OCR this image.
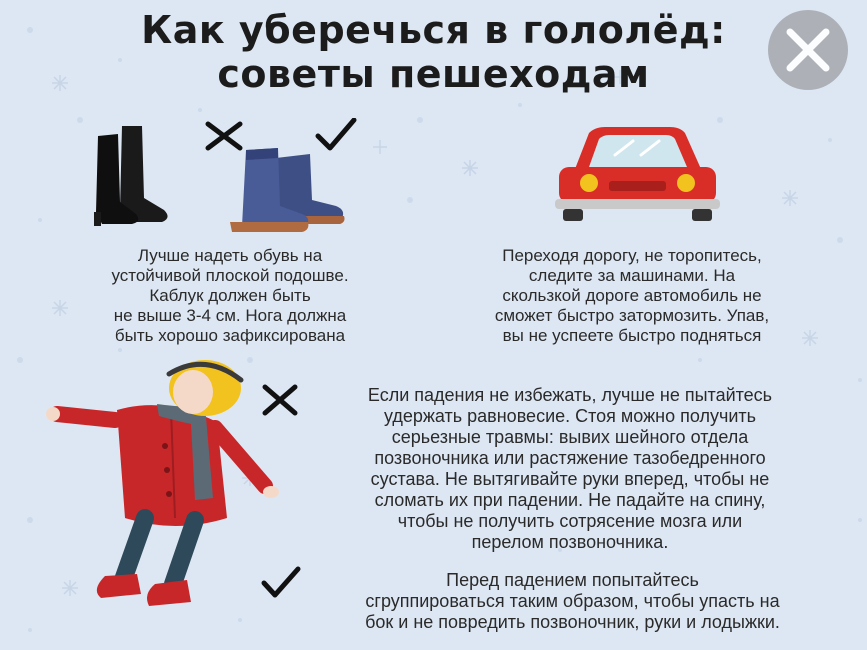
Как уберечься в гололёд:
советы пешеходам
Лучше надеть обувь на
устойчивой плоской подошве.
Каблук должен быть
не выше 3-4 см. Нога должна
быть хорошо зафиксирована
Переходя дорогу, не торопитесь,
следите за машинами. На
скользкой дороге автомобиль не
сможет быстро затормозить. Упав,
вы не успеете быстро подняться
Если падения не избежать, лучше не пытайтесь
удержать равновесие. Стоя можно получить
серьезные травмы: вывих шейного отдела
позвоночника или растяжение тазобедренного
сустава. Не вытягивайте руки вперед, чтобы не
сломать их при падении. Не падайте на спину,
чтобы не получить сотрясение мозга или
перелом позвоночника.
Перед падением попытайтесь
сгруппироваться таким образом, чтобы упасть на
бок и не повредить позвоночник, руки и лодыжки.
